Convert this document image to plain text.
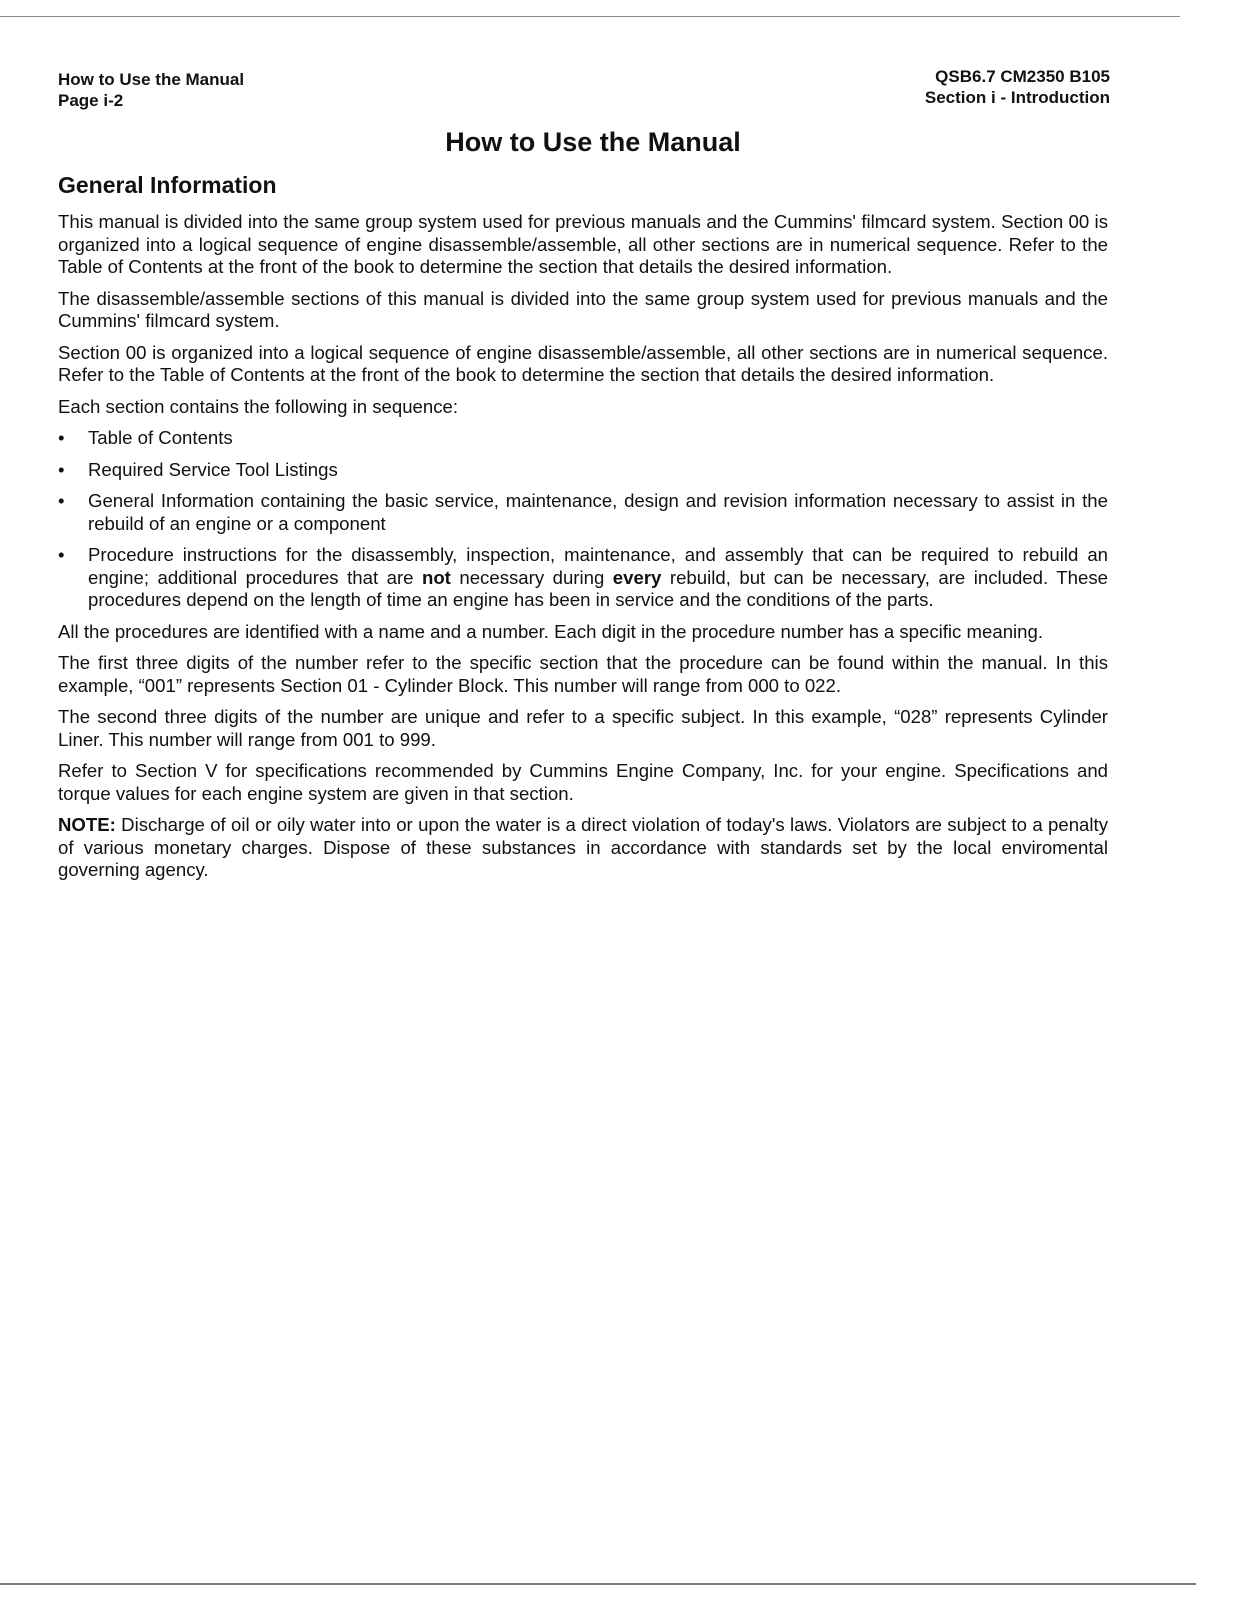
How to Use the Manual
Page i-2
QSB6.7 CM2350 B105
Section i - Introduction
How to Use the Manual
General Information

This manual is divided into the same group system used for previous manuals and the Cummins' filmcard system. Section 00 is organized into a logical sequence of engine disassemble/assemble, all other sections are in numerical sequence. Refer to the Table of Contents at the front of the book to determine the section that details the desired information.

The disassemble/assemble sections of this manual is divided into the same group system used for previous manuals and the Cummins' filmcard system.

Section 00 is organized into a logical sequence of engine disassemble/assemble, all other sections are in numerical sequence. Refer to the Table of Contents at the front of the book to determine the section that details the desired information.

Each section contains the following in sequence:

• Table of Contents
• Required Service Tool Listings
• General Information containing the basic service, maintenance, design and revision information necessary to assist in the rebuild of an engine or a component
• Procedure instructions for the disassembly, inspection, maintenance, and assembly that can be required to rebuild an engine; additional procedures that are not necessary during every rebuild, but can be necessary, are included. These procedures depend on the length of time an engine has been in service and the conditions of the parts.

All the procedures are identified with a name and a number. Each digit in the procedure number has a specific meaning.

The first three digits of the number refer to the specific section that the procedure can be found within the manual. In this example, “001” represents Section 01 - Cylinder Block. This number will range from 000 to 022.

The second three digits of the number are unique and refer to a specific subject. In this example, “028” represents Cylinder Liner. This number will range from 001 to 999.

Refer to Section V for specifications recommended by Cummins Engine Company, Inc. for your engine. Specifications and torque values for each engine system are given in that section.

NOTE: Discharge of oil or oily water into or upon the water is a direct violation of today's laws. Violators are subject to a penalty of various monetary charges. Dispose of these substances in accordance with standards set by the local enviromental governing agency.
